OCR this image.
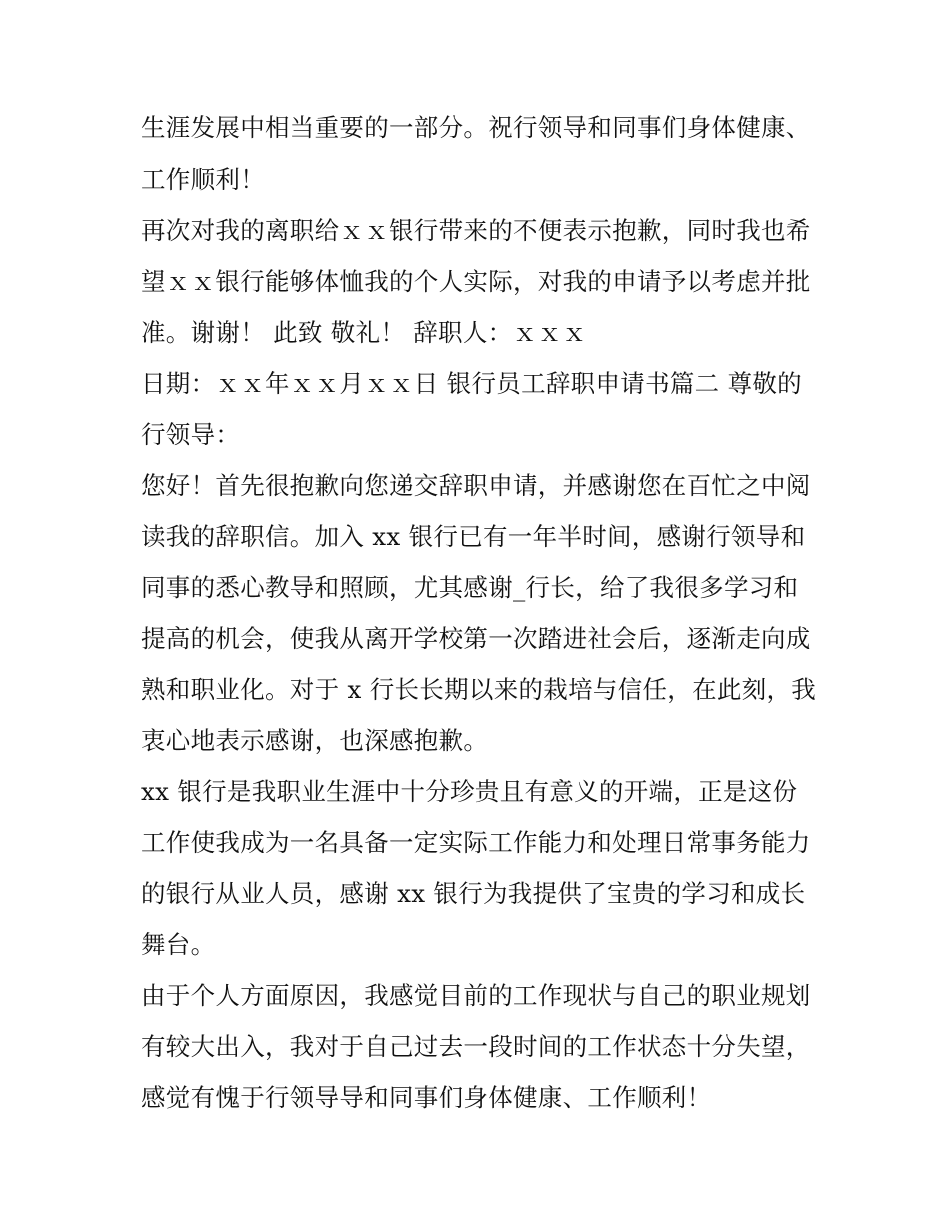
生涯发展中相当重要的一部分。祝行领导和同事们身体健康、
工作顺利！
再次对我的离职给ｘｘ银行带来的不便表示抱歉，同时我也希
望ｘｘ银行能够体恤我的个人实际，对我的申请予以考虑并批
准。谢谢！ 此致 敬礼！ 辞职人：ｘｘｘ
日期：ｘｘ年ｘｘ月ｘｘ日 银行员工辞职申请书篇二 尊敬的
行领导：
您好！首先很抱歉向您递交辞职申请，并感谢您在百忙之中阅
读我的辞职信。加入 xx 银行已有一年半时间，感谢行领导和
同事的悉心教导和照顾，尤其感谢_行长，给了我很多学习和
提高的机会，使我从离开学校第一次踏进社会后，逐渐走向成
熟和职业化。对于 x 行长长期以来的栽培与信任，在此刻，我
衷心地表示感谢，也深感抱歉。
xx 银行是我职业生涯中十分珍贵且有意义的开端，正是这份
工作使我成为一名具备一定实际工作能力和处理日常事务能力
的银行从业人员，感谢 xx 银行为我提供了宝贵的学习和成长
舞台。
由于个人方面原因，我感觉目前的工作现状与自己的职业规划
有较大出入，我对于自己过去一段时间的工作状态十分失望，
感觉有愧于行领导导和同事们身体健康、工作顺利！
